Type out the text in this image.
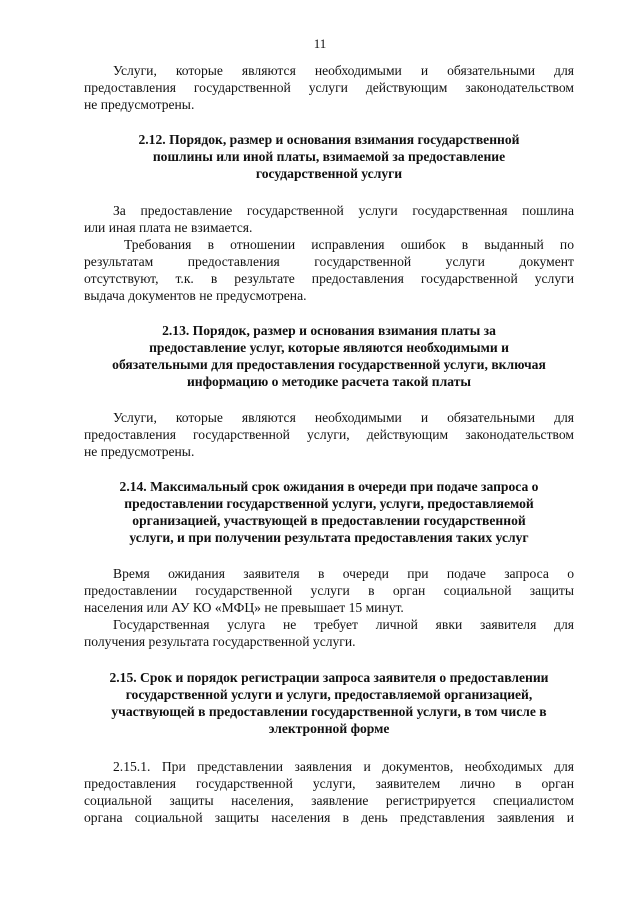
11
Услуги, которые являются необходимыми и обязательными для
предоставления государственной услуги действующим законодательством
не предусмотрены.
2.12. Порядок, размер и основания взимания государственной
пошлины или иной платы, взимаемой за предоставление
государственной услуги
За предоставление государственной услуги государственная пошлина
или иная плата не взимается.
Требования в отношении исправления ошибок в выданный по
результатам предоставления государственной услуги документ
отсутствуют, т.к. в результате предоставления государственной услуги
выдача документов не предусмотрена.
2.13. Порядок, размер и основания взимания платы за
предоставление услуг, которые являются необходимыми и
обязательными для предоставления государственной услуги, включая
информацию о методике расчета такой платы
Услуги, которые являются необходимыми и обязательными для
предоставления государственной услуги, действующим законодательством
не предусмотрены.
2.14. Максимальный срок ожидания в очереди при подаче запроса о
предоставлении государственной услуги, услуги, предоставляемой
организацией, участвующей в предоставлении государственной
услуги, и при получении результата предоставления таких услуг
Время ожидания заявителя в очереди при подаче запроса о
предоставлении государственной услуги в орган социальной защиты
населения или АУ КО «МФЦ» не превышает 15 минут.
Государственная услуга не требует личной явки заявителя для
получения результата государственной услуги.
2.15. Срок и порядок регистрации запроса заявителя о предоставлении
государственной услуги и услуги, предоставляемой организацией,
участвующей в предоставлении государственной услуги, в том числе в
электронной форме
2.15.1. При представлении заявления и документов, необходимых для
предоставления государственной услуги, заявителем лично в орган
социальной защиты населения, заявление регистрируется специалистом
органа социальной защиты населения в день представления заявления и
